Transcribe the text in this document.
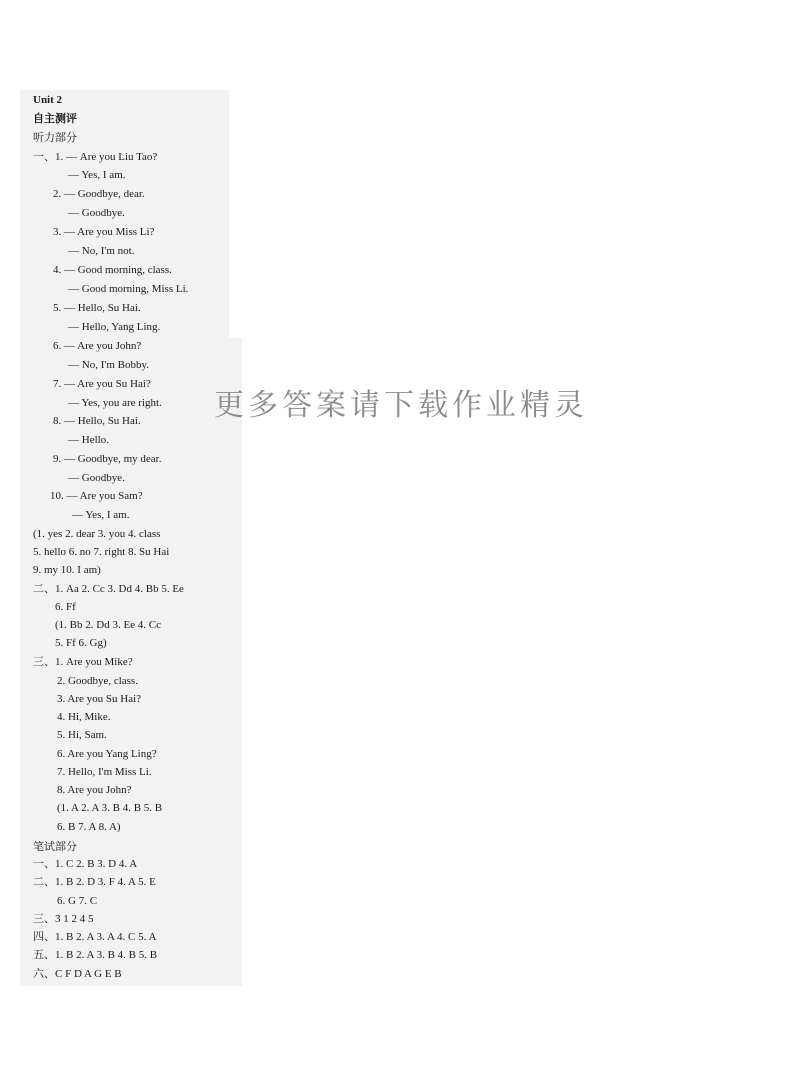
Unit 2
自主测评
听力部分
一、1. — Are you Liu Tao?
— Yes, I am.
2. — Goodbye, dear.
— Goodbye.
3. — Are you Miss Li?
— No, I'm not.
4. — Good morning, class.
— Good morning, Miss Li.
5. — Hello, Su Hai.
— Hello, Yang Ling.
6. — Are you John?
— No, I'm Bobby.
7. — Are you Su Hai?
— Yes, you are right.
8. — Hello, Su Hai.
— Hello.
9. — Goodbye, my dear.
— Goodbye.
10. — Are you Sam?
— Yes, I am.
(1. yes 2. dear 3. you 4. class
5. hello 6. no 7. right 8. Su Hai
9. my 10. I am)
二、1. Aa 2. Cc 3. Dd 4. Bb 5. Ee
6. Ff
(1. Bb 2. Dd 3. Ee 4. Cc
5. Ff 6. Gg)
三、1. Are you Mike?
2. Goodbye, class.
3. Are you Su Hai?
4. Hi, Mike.
5. Hi, Sam.
6. Are you Yang Ling?
7. Hello, I'm Miss Li.
8. Are you John?
(1. A 2. A 3. B 4. B 5. B
6. B 7. A 8. A)
笔试部分
一、1. C 2. B 3. D 4. A
二、1. B 2. D 3. F 4. A 5. E
6. G 7. C
三、3 1 2 4 5
四、1. B 2. A 3. A 4. C 5. A
五、1. B 2. A 3. B 4. B 5. B
六、C F D A G E B
更多答案请下载作业精灵
